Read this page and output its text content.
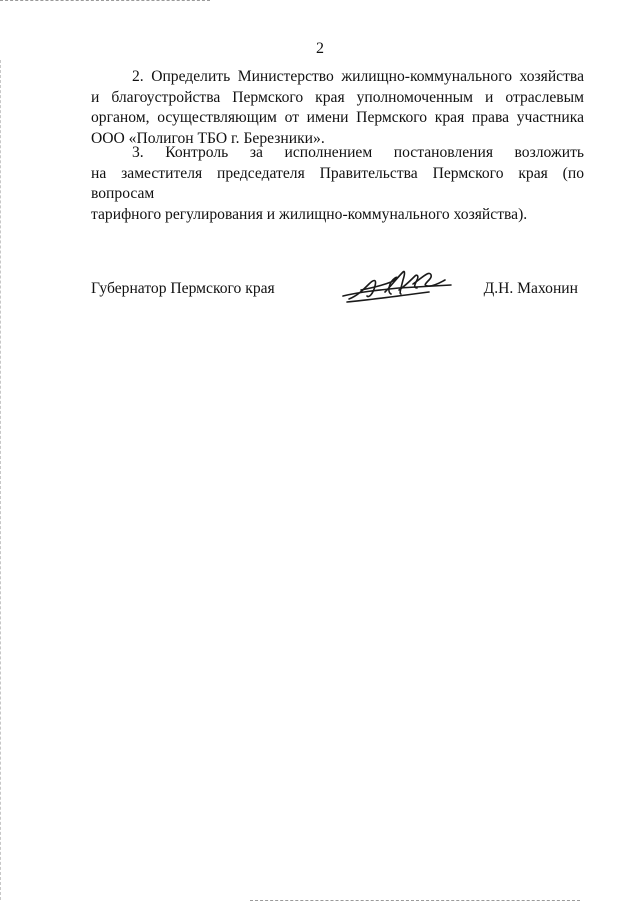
2
2. Определить Министерство жилищно-коммунального хозяйства
и благоустройства Пермского края уполномоченным и отраслевым
органом, осуществляющим от имени Пермского края права участника
ООО «Полигон ТБО г. Березники».
3. Контроль за исполнением постановления возложить
на заместителя председателя Правительства Пермского края (по вопросам
тарифного регулирования и жилищно-коммунального хозяйства).
Губернатор Пермского края	Д.Н. Махонин
